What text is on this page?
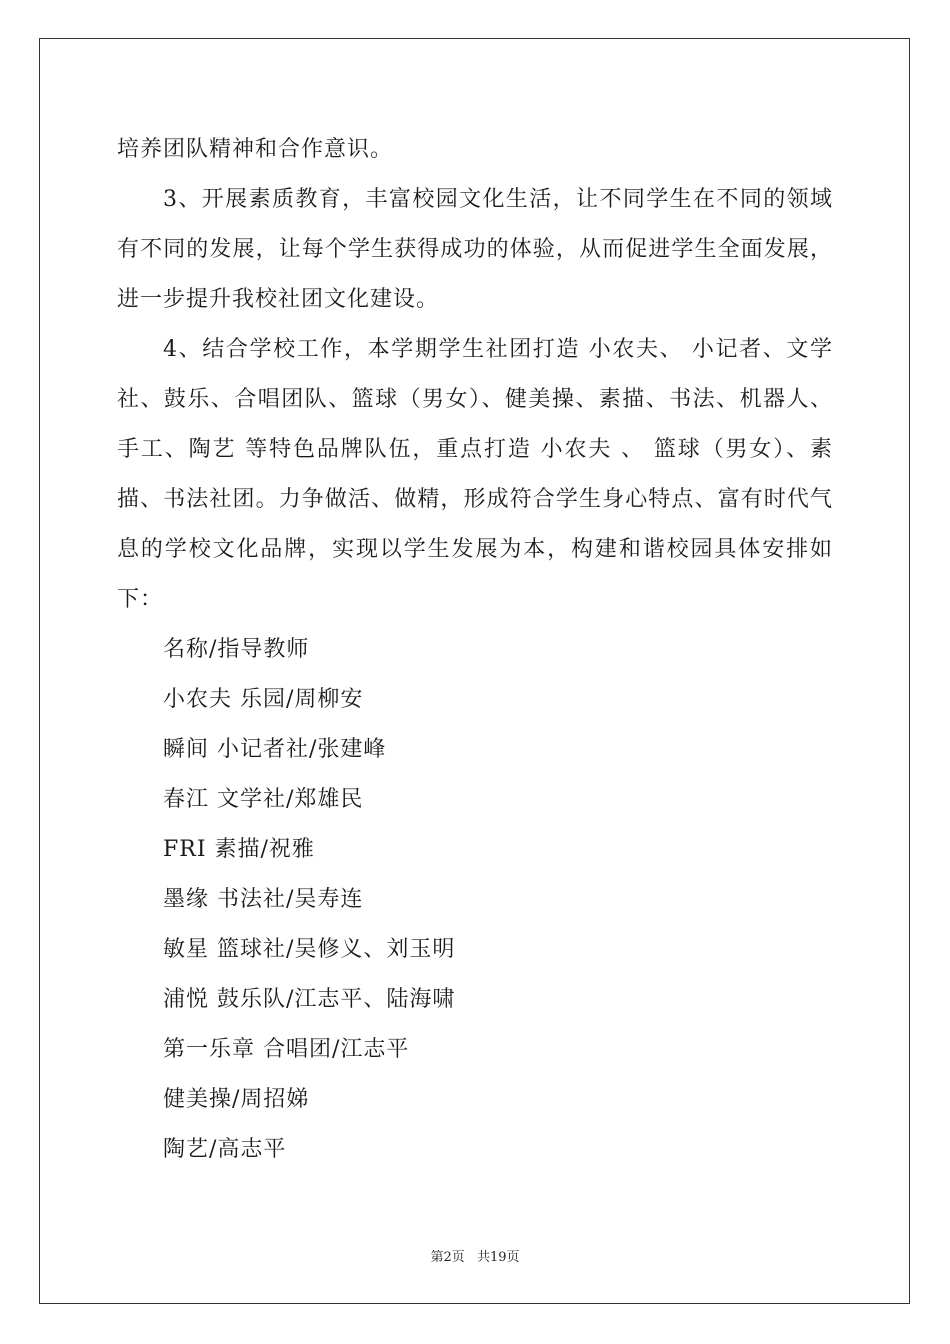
培养团队精神和合作意识。

3、开展素质教育，丰富校园文化生活，让不同学生在不同的领域有不同的发展，让每个学生获得成功的体验，从而促进学生全面发展，进一步提升我校社团文化建设。

4、结合学校工作，本学期学生社团打造 小农夫、 小记者、文学社、鼓乐、合唱团队、篮球（男女）、健美操、素描、书法、机器人、手工、陶艺 等特色品牌队伍，重点打造 小农夫 、 篮球（男女）、素描、书法社团。力争做活、做精，形成符合学生身心特点、富有时代气息的学校文化品牌，实现以学生发展为本，构建和谐校园具体安排如下：

名称/指导教师

小农夫 乐园/周柳安

瞬间 小记者社/张建峰

春江 文学社/郑雄民

FRI 素描/祝雅

墨缘 书法社/吴寿连

敏星 篮球社/吴修义、刘玉明

浦悦 鼓乐队/江志平、陆海啸

第一乐章 合唱团/江志平

健美操/周招娣

陶艺/高志平

第2页 共19页
